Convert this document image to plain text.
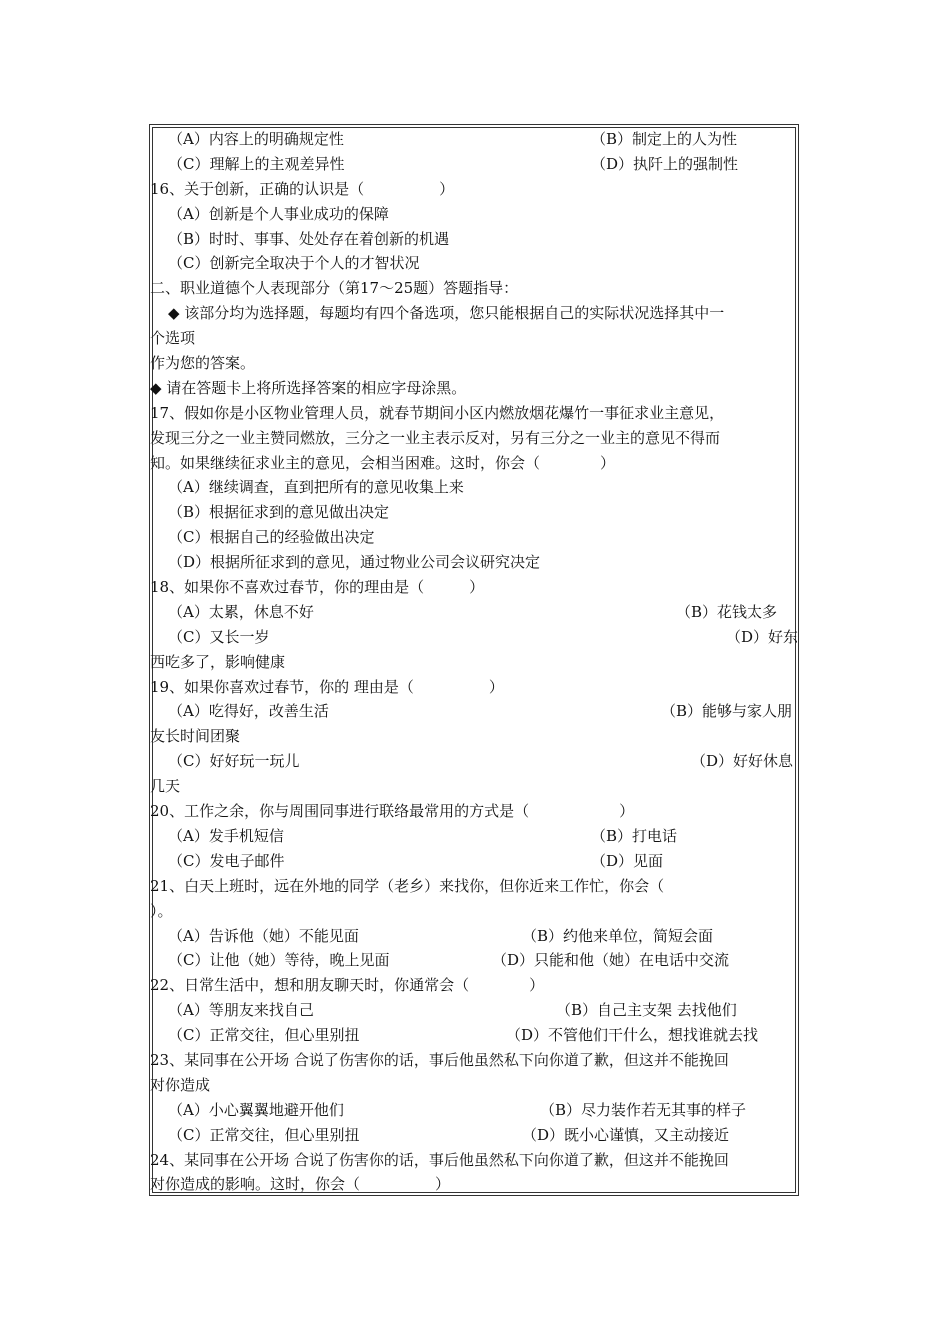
（A）内容上的明确规定性	（B）制定上的人为性
（C）理解上的主观差异性	（D）执阡上的强制性
16、关于创新，正确的认识是（　　　　　）
（A）创新是个人事业成功的保障
（B）时时、事事、处处存在着创新的机遇
（C）创新完全取决于个人的才智状况
二、职业道德个人表现部分（第17～25题）答题指导：
◆ 该部分均为选择题，每题均有四个备选项，您只能根据自己的实际状况选择其中一
个选项
作为您的答案。
◆ 请在答题卡上将所选择答案的相应字母涂黑。
17、假如你是小区物业管理人员，就春节期间小区内燃放烟花爆竹一事征求业主意见，
发现三分之一业主赞同燃放，三分之一业主表示反对，另有三分之一业主的意见不得而
知。如果继续征求业主的意见，会相当困难。这时，你会（　　　　）
（A）继续调查，直到把所有的意见收集上来
（B）根据征求到的意见做出决定
（C）根据自己的经验做出决定
（D）根据所征求到的意见，通过物业公司会议研究决定
18、如果你不喜欢过春节，你的理由是（　　　）
（A）太累，休息不好	（B）花钱太多
（C）又长一岁	（D）好东
西吃多了，影响健康
19、如果你喜欢过春节，你的 理由是（　　　　　）
（A）吃得好，改善生活	（B）能够与家人朋
友长时间团聚
（C）好好玩一玩儿	（D）好好休息
几天
20、工作之余，你与周围同事进行联络最常用的方式是（　　　　　　）
（A）发手机短信	（B）打电话
（C）发电子邮件	（D）见面
21、白天上班时，远在外地的同学（老乡）来找你，但你近来工作忙，你会（
）。
（A）告诉他（她）不能见面	（B）约他来单位，简短会面
（C）让他（她）等待，晚上见面	（D）只能和他（她）在电话中交流
22、日常生活中，想和朋友聊天时，你通常会（　　　　）
（A）等朋友来找自己	（B）自己主支架 去找他们
（C）正常交往，但心里别扭	（D）不管他们干什么，想找谁就去找
23、某同事在公开场 合说了伤害你的话，事后他虽然私下向你道了歉，但这并不能挽回
对你造成
（A）小心翼翼地避开他们	（B）尽力装作若无其事的样子
（C）正常交往，但心里别扭	（D）既小心谨慎，又主动接近
24、某同事在公开场 合说了伤害你的话，事后他虽然私下向你道了歉，但这并不能挽回
对你造成的影响。这时，你会（　　　　　）
